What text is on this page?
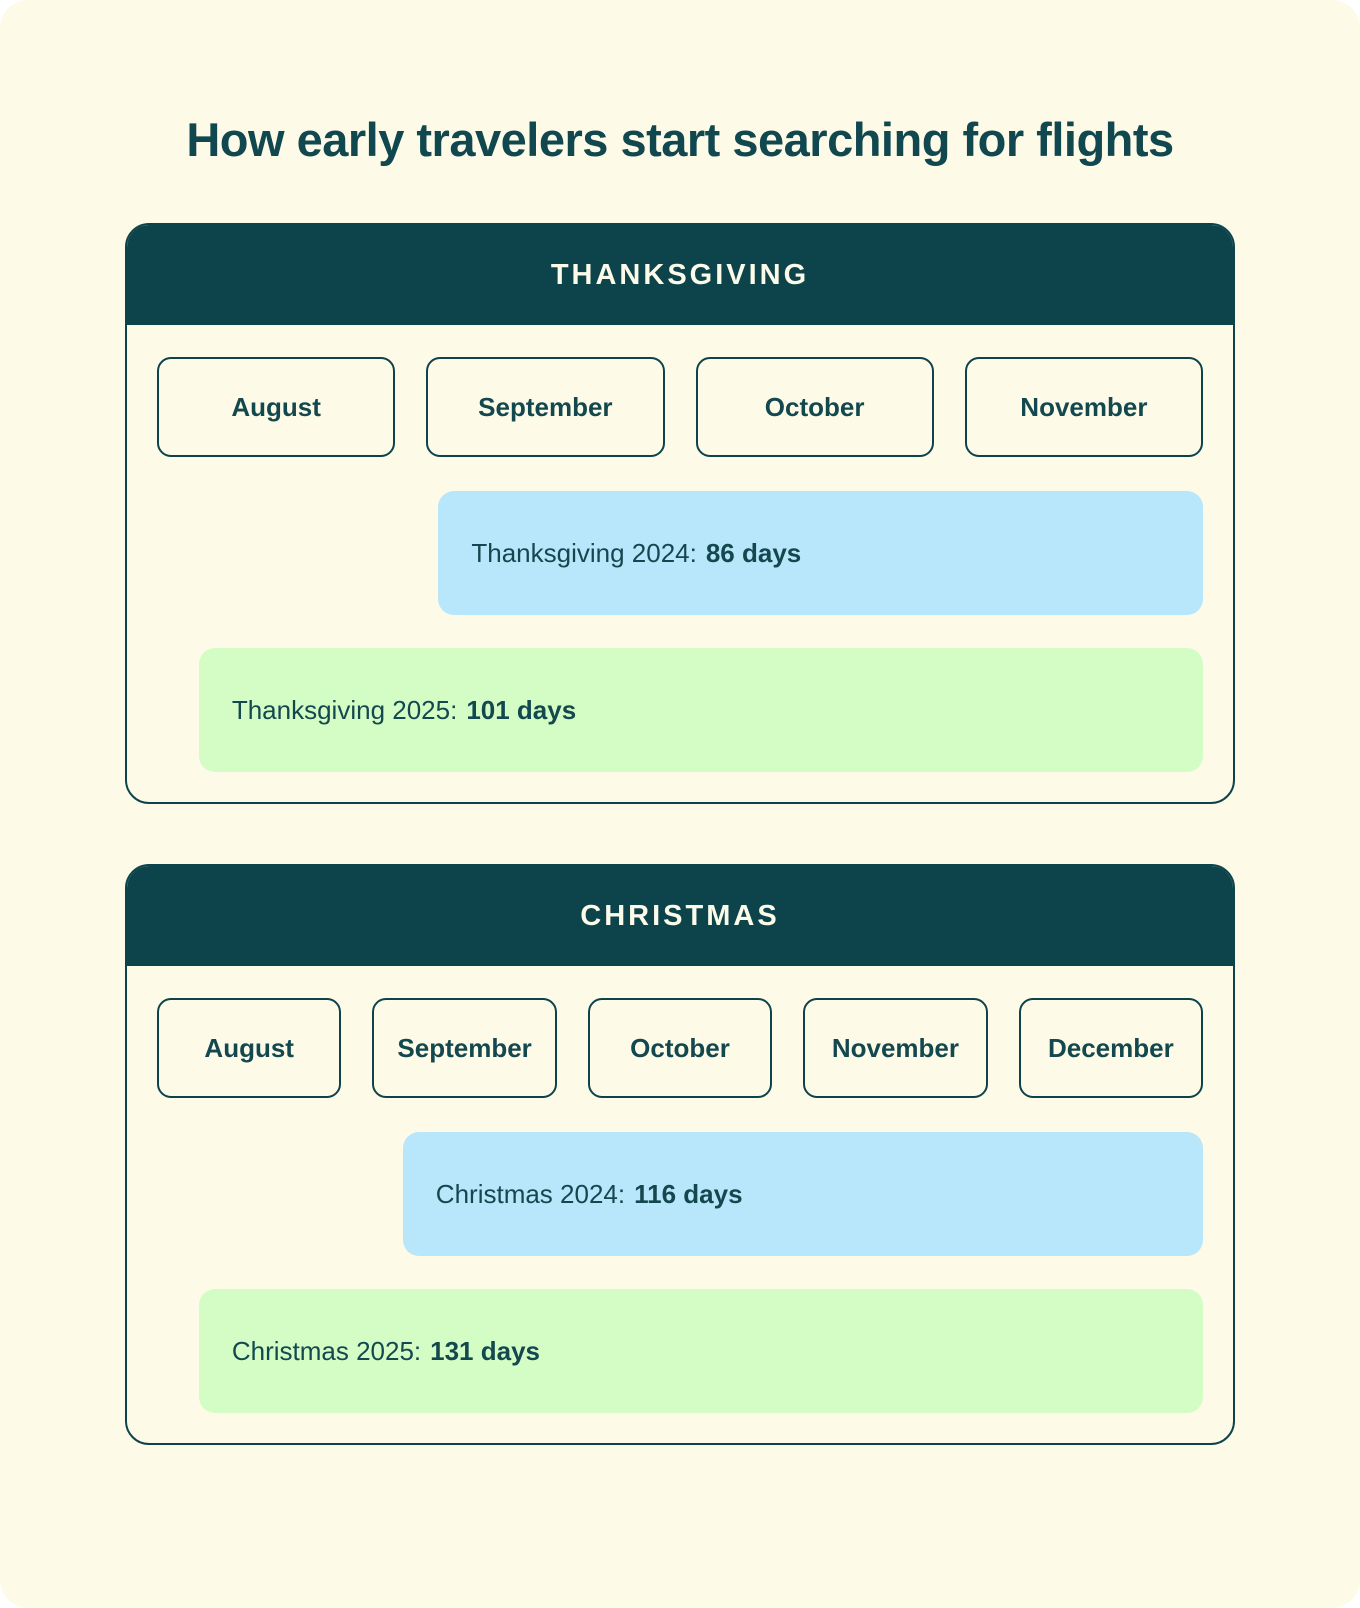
How early travelers start searching for flights
THANKSGIVING
August	September	October	November
Thanksgiving 2024: 86 days
Thanksgiving 2025: 101 days
CHRISTMAS
August	September	October	November	December
Christmas 2024: 116 days
Christmas 2025: 131 days
